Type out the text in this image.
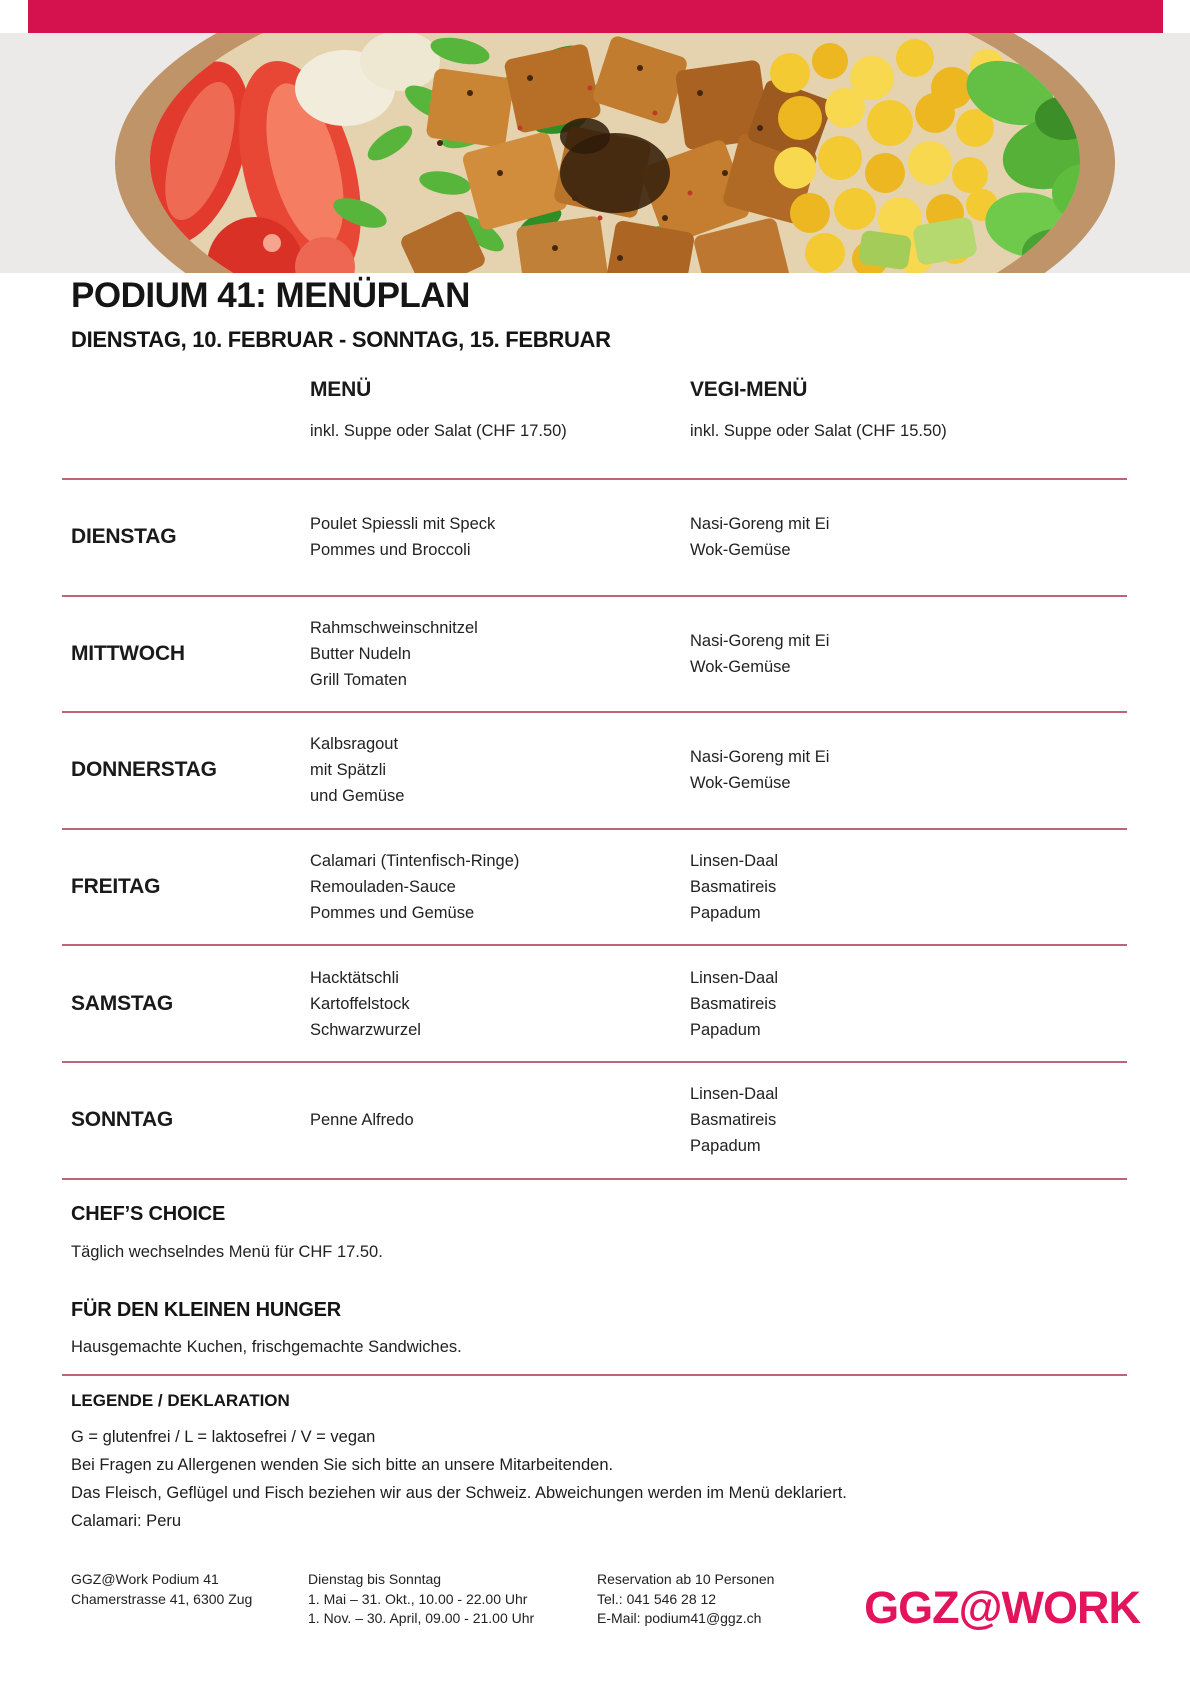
PODIUM 41: MENÜPLAN
DIENSTAG, 10. FEBRUAR - SONNTAG, 15. FEBRUAR
MENÜ
inkl. Suppe oder Salat (CHF 17.50)
VEGI-MENÜ
inkl. Suppe oder Salat (CHF 15.50)
DIENSTAG
Poulet Spiessli mit Speck
Pommes und Broccoli
Nasi-Goreng mit Ei
Wok-Gemüse
MITTWOCH
Rahmschweinschnitzel
Butter Nudeln
Grill Tomaten
Nasi-Goreng mit Ei
Wok-Gemüse
DONNERSTAG
Kalbsragout
mit Spätzli
und Gemüse
Nasi-Goreng mit Ei
Wok-Gemüse
FREITAG
Calamari (Tintenfisch-Ringe)
Remouladen-Sauce
Pommes und Gemüse
Linsen-Daal
Basmatireis
Papadum
SAMSTAG
Hacktätschli
Kartoffelstock
Schwarzwurzel
Linsen-Daal
Basmatireis
Papadum
SONNTAG	Penne Alfredo
Linsen-Daal
Basmatireis
Papadum
CHEF’S CHOICE
Täglich wechselndes Menü für CHF 17.50.
FÜR DEN KLEINEN HUNGER
Hausgemachte Kuchen, frischgemachte Sandwiches.
LEGENDE / DEKLARATION
G = glutenfrei / L = laktosefrei / V = vegan
Bei Fragen zu Allergenen wenden Sie sich bitte an unsere Mitarbeitenden.
Das Fleisch, Geflügel und Fisch beziehen wir aus der Schweiz. Abweichungen werden im Menü deklariert.
Calamari: Peru
GGZ@Work Podium 41
Chamerstrasse 41, 6300 Zug
Dienstag bis Sonntag
1. Mai – 31. Okt., 10.00 - 22.00 Uhr
1. Nov. – 30. April, 09.00 - 21.00 Uhr
Reservation ab 10 Personen
Tel.: 041 546 28 12
E-Mail: podium41@ggz.ch GGZ@WORK
